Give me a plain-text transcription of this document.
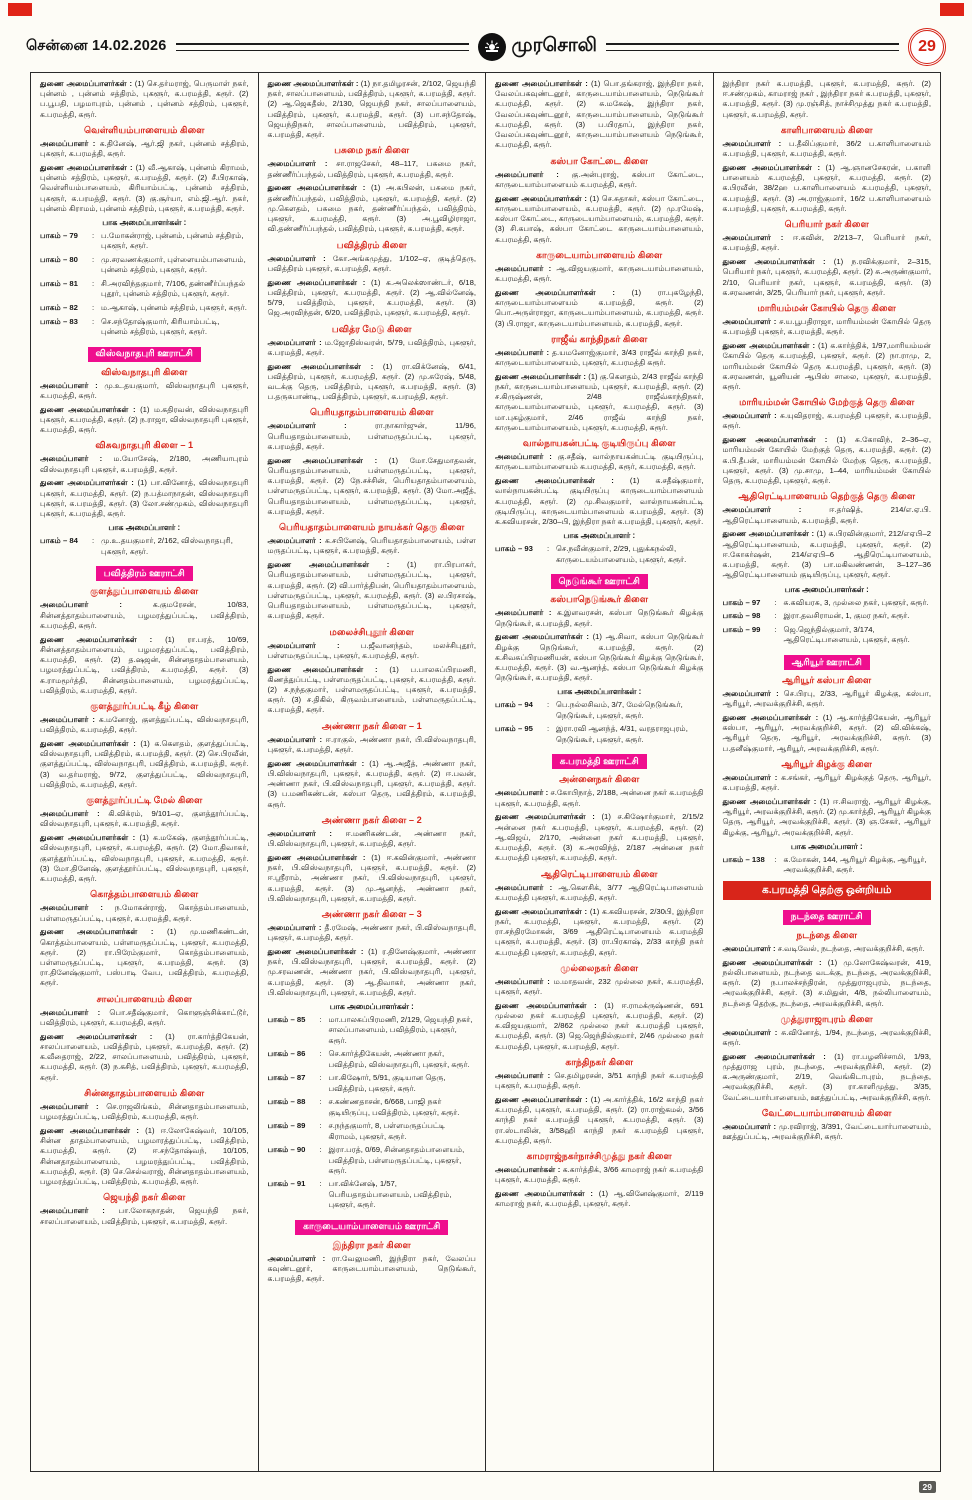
சென்னை 14.02.2026	முரசொலி	29

துணை அமைப்பாளர்கள் : (1) செ.தர்மராஜ், பெருமாள் நகர், புன்னம் , புன்னம் சத்திரம், புகளூர், க.பரமத்தி, கரூர். (2) ப.பூபதி, பழமாபுரம், புன்னம் , புன்னம் சத்திரம், புகளூர், க.பரமத்தி, கரூர்.

வெள்ளியம்பாளையம் கிளை

அமைப்பாளர் : க.தினேஷ், ஆர்.ஜி நகர், புன்னம் சத்திரம், புகளூர், க.பரமத்தி, கரூர்.

துணை அமைப்பாளர்கள் : (1) வீ.ஆகாஷ், புன்னம் கிராமம், புன்னம் சத்திரம், புகளூர், க.பரமத்தி, கரூர். (2) சீ.பிரகாஷ், வெள்ளியம்பாளையம், கிரியாம்பட்டி, புன்னம் சத்திரம், புகளூர், க.பரமத்தி, கரூர். (3) கு.சூர்யா, எம்.ஜி.ஆர். நகர், புன்னம் கிராமம், புன்னம் சத்திரம், புகளூர், க.பரமத்தி, கரூர்.

பாக அமைப்பாளர்கள் :
பாகம் – 79	: ப.மோகன்ராஜ், புன்னம், புன்னம் சத்திரம், புகளூர், கரூர்.
பாகம் – 80	: மு.சரவணக்குமார், புள்ளையம்பாளையம், புன்னம் சத்திரம், புகளூர், கரூர்.
பாகம் – 81	: சி.அரவிந்தகுமார், 7/106, தண்ணீர்ப்பந்தல் புதூர், புன்னம் சத்திரம், புகளூர், கரூர்.
பாகம் – 82	: ம.ஆகாஷ், புன்னம் சத்திரம், புகளூர், கரூர்.
பாகம் – 83	: செ.சந்தோஷ்குமார், கிரியாம்பட்டி, புன்னம் சத்திரம், புகளூர், கரூர்.
விஸ்வநாதபுரி ஊராட்சி
விஸ்வநாதபுரி கிளை

அமைப்பாளர் : மு.உ.தயகுமார், விஸ்வநாதபுரி புகளூர், க.பரமத்தி, கரூர்.

துணை அமைப்பாளர்கள் : (1) ம.கதிரவன், விஸ்வநாதபுரி புகளூர், க.பரமத்தி, கரூர். (2) ந.ராஜா, விஸ்வநாதபுரி புகளூர், க.பரமத்தி, கரூர்.

விசுவநாதபுரி கிளை – 1

அமைப்பாளர் : ம.யோசேஷ், 2/180, அணியாபுரம் விஸ்வநாதபுரி புகளூர், க.பரமத்தி, கரூர்.

துணை அமைப்பாளர்கள் : (1) பா.வினோத், விஸ்வநாதபுரி புகளூர், க.பரமத்தி, கரூர். (2) ந.பத்மாநாதன், விஸ்வநாதபுரி புகளூர், க.பரமத்தி, கரூர். (3) லோ.சண்முகம், விஸ்வநாதபுரி புகளூர், க.பரமத்தி, கரூர்.

பாக அமைப்பாளர் :
பாகம் – 84	: மு.உ.தயகுமார், 2/162, விஸ்வநாதபுரி, புகளூர், கரூர்.
பவித்திரம் ஊராட்சி
குளத்துப்பாளையம் கிளை

அமைப்பாளர் : க.குமரேசன், 10/83, சின்னத்தாதம்பாளையம், பழமரத்துப்பட்டி, பவித்திரம், க.பரமத்தி, கரூர்.

துணை அமைப்பாளர்கள் : (1) ரா.பரத், 10/69, சின்னத்தாதம்பாளையம், பழமரத்துப்பட்டி, பவித்திரம், க.பரமத்தி, கரூர். (2) த.ஷஜன், சின்னதாதம்பாளையம், பழமரத்துப்பட்டி, பவித்திரம், க.பரமத்தி, கரூர். (3) சு.ராமமூர்த்தி, சின்னதம்பாளையம், பழமரத்துப்பட்டி, பவித்திரம், க.பரமத்தி, கரூர்.

குளத்தூர்ப்பட்டி கீழ் கிளை

அமைப்பாளர் : க.மனோஜ், குளத்துப்பட்டி, விஸ்வநாதபுரி, பவித்திரம், க.பரமத்தி, கரூர்.

துணை அமைப்பாளர்கள் : (1) க.கௌதம், குளத்துப்பட்டி, விஸ்வநாதபுரி, பவித்திரம், க.பரமத்தி, கரூர். (2) செ.பிரவீன், குளத்துப்பட்டி, விஸ்வநாதபுரி, பவித்திரம், க.பரமத்தி, கரூர். (3) வ.தர்மராஜ், 9/72, குளத்துப்பட்டி, விஸ்வநாதபுரி, பவித்திரம், க.பரமத்தி, கரூர்.

குளத்தூர்ப்பட்டி மேல் கிளை

அமைப்பாளர் : கி.விக்ரம், 9/101–ஏ, குளத்தூர்ப்பட்டி, விஸ்வநாதபுரி, புகளூர், க.பரமத்தி, கரூர்.

துணை அமைப்பாளர்கள் : (1) க.மகேஷ், குளத்தூர்ப்பட்டி, விஸ்வநாதபுரி, புகளூர், க.பரமத்தி, கரூர். (2) மோ.திவாகர், குளத்தூர்ப்பட்டி, விஸ்வநாதபுரி, புகளூர், க.பரமத்தி, கரூர். (3) மோ.தினேஷ், குளத்தூர்ப்பட்டி, விஸ்வநாதபுரி, புகளூர், க.பரமத்தி, கரூர்.

கொத்தம்பாளையம் கிளை

அமைப்பாளர் : ந.மோகன்ராஜ், கொத்தம்பாளையம், பள்ளமருதப்பட்டி, புகளூர், க.பரமத்தி, கரூர்.

துணை அமைப்பாளர்கள் : (1) மு.மணிகண்டன், கொத்தம்பாளையம், பள்ளமருதப்பட்டி, புகளூர், க.பரமத்தி, கரூர். (2) ரா.பிரேம்குமார், கொத்தம்பாளையம், பள்ளமருதப்பட்டி, புகளூர், க.பரமத்தி, கரூர். (3) ரா.தினேஷ்குமார், பஸ்பாடி வேப, பவித்திரம், க.பரமத்தி, கரூர்.

சாலப்பாளையம் கிளை

அமைப்பாளர் : பொ.சதீஷ்குமார், கொளுஞ்சிக்காட்டூர், பவித்திரம், புகளூர், க.பரமத்தி, கரூர்.

துணை அமைப்பாளர்கள் : (1) ரா.கார்த்திகேயன், சாலப்பாளையம், பவித்திரம், புகளூர், க.பரமத்தி, கரூர். (2) க.வீதைராஜ், 2/22, சாலப்பாளையம், பவித்திரம், புகளூர், க.பரமத்தி, கரூர். (3) ந.கசித், பவித்திரம், புகளூர், க.பரமத்தி, கரூர்.

சின்னதாதம்பாளையம் கிளை

அமைப்பாளர் : செ.ராஜலிங்கம், சின்னதாதம்பாளையம், பழமரத்துப்பட்டி, பவித்திரம், க.பரமத்தி, கரூர்.

துணை அமைப்பாளர்கள் : (1) ஈ.லோகேஷ்வர், 10/105, சின்ன தாதம்பாளையம், பழமாரத்துப்பட்டி, பவித்திரம், க.பரமத்தி, கரூர். (2) ஈ.சந்தோஷ்வந், 10/105, சின்னதாதம்பாளையம், பழமரத்துப்பட்டி, பவித்திரம், க.பரமத்தி, கரூர். (3) செ.செல்வராஜ், சின்னதாதம்பாளையம், பழமரத்துப்பட்டி, பவித்திரம், க.பரமத்தி, கரூர்.

ஜெயந்தி நகர் கிளை

அமைப்பாளர் : பா.லோகநாதன், ஜெயந்தி நகர், சாலப்பாளையம், பவித்திரம், புகளூர், க.பரமத்தி, கரூர்.

துணை அமைப்பாளர்கள் : (1) நா.தமிழரசன், 2/102, ஜெயந்தி நகர், சாலப்பாளையம், பவித்திரம், புகளூர், க.பரமத்தி, கரூர். (2) ஆ.ஜெகதீஸ், 2/130, ஜெயந்தி நகர், சாலப்பாளையம், பவித்திரம், புகளூர், க.பரமத்தி, கரூர். (3) பா.சந்தோஷ், ஜெயந்திநகர், சாலப்பாளையம், பவித்திரம், புகளூர், க.பரமத்தி, கரூர்.

பசுமை நகர் கிளை

அமைப்பாளர் : சா.ராஜசேகர், 48–117, பசுமை நகர், தண்ணீர்ப்பந்தல், பவித்திரம், புகளூர், க.பரமத்தி, கரூர்.

துணை அமைப்பாளர்கள் : (1) அ.கபிலன், பசுமை நகர், தண்ணீர்ப்பந்தல், பவித்திரம், புகளூர், க.பரமத்தி, கரூர். (2) மு.கௌதம், பசுமை நகர், தண்ணீர்ப்பந்தல், பவித்திரம், புகளூர், க.பரமத்தி, கரூர். (3) அ.பூவிழிராஜா, வி.தண்ணீர்ப்பந்தல், பவித்திரம், புகளூர், க.பரமத்தி, கரூர்.

பவித்திரம் கிளை

அமைப்பாளர் : கோ.அங்கமுத்து, 1/102–ஏ, குடித்தெரு, பவித்திரம் புகளூர், க.பரமத்தி, கரூர்.

துணை அமைப்பாளர்கள் : (1) க.அலெக்ஸாண்டர், 6/18, பவித்திரம், புகளூர், க.பரமத்தி, கரூர். (2) ஆ.வில்னேஷ், 5/79, பவித்திரம், புகளூர், க.பரமத்தி, கரூர். (3) ஜெ.அரவிந்தன், 6/20, பவித்திரம், புகளூர், க.பரமத்தி, கரூர்.

பவித்ர மேடு கிளை

அமைப்பாளர் : ம.ஜோதிஸ்வரன், 5/79, பவித்திரம், புகளூர், க.பரமத்தி, கரூர்.

துணை அமைப்பாளர்கள் : (1) ரா.விக்னேஷ், 6/41, பவித்திரம், புகளூர், க.பரமத்தி, கரூர். (2) மு.சுரேஷ், 5/48, வடக்கு தெரு, பவித்திரம், புகளூர், க.பரமத்தி, கரூர். (3) ப.தருகபாண்டி, பவித்திரம், புகளூர், க.பரமத்தி, கரூர்.

பெரியதாதம்பாளையம் கிளை

அமைப்பாளர் : ரா.நாகார்ஜுன், 11/96, பெரியதாதம்பாளையம், பள்ளமருதப்பட்டி, புகளூர், க.பரமத்தி, கரூர்.

துணை அமைப்பாளர்கள் : (1) மோ.சேதுமாதவன், பெரியதாதம்பாளையம், பள்ளமருதப்பட்டி, புகளூர், க.பரமத்தி, கரூர். (2) நே.சச்சின், பெரியதாதம்பாளையம், பள்ளமருதப்பட்டி, புகளூர், க.பரமத்தி, கரூர். (3) மோ.அஜீத், பெரியதாதம்பாளையம், பள்ளமருதப்பட்டி, புகளூர், க.பரமத்தி, கரூர்.

பெரியதாதம்பாளையம் நாயக்கர் தெரு கிளை

அமைப்பாளர் : க.சபினேஷ், பெரியதாதம்பாளையம், பள்ள மருதப்பட்டி, புகளூர், க.பரமத்தி, கரூர்.

துணை அமைப்பாளர்கள் : (1) ரா.பிரபாகர், பெரியதாதம்பாளையம், பள்ளமருதப்பட்டி, புகளூர், க.பரமத்தி, கரூர். (2) வி.பார்த்திபன், பெரியதாதம்பாளையம், பள்ளமருதப்பட்டி, புகளூர், க.பரமத்தி, கரூர். (3) ல.பிரசாஷ், பெரியதாதம்பாளையம், பள்ளமருதப்பட்டி, புகளூர், க.பரமத்தி, கரூர்.

மலைச்சிபுதூர் கிளை

அமைப்பாளர் : ப.ஜீவானந்தம், மலச்சிபுதூர், பள்ளமருதப்பட்டி, புகளூர், க.பரமத்தி, கரூர்.

துணை அமைப்பாளர்கள் : (1) ப.பாலசுப்பிரமணி, கிணத்துப்பட்டி, பள்ளமருதப்பட்டி, புகளூர், க.பரமத்தி, கரூர். (2) ச.நந்தகுமார், பள்ளமருதப்பட்டி, புகளூர், க.பரமத்தி, கரூர். (3) ச.திகில், கிருவம்பாளையம், பள்ளமருதப்பட்டி, க.பரமத்தி, கரூர்.

அண்ணா நகர் கிளை – 1

அமைப்பாளர் : ஈ.ராகுல், அண்ணா நகர், பி.விஸ்வநாதபுரி, புகளூர், க.பரமத்தி, கரூர்.

துணை அமைப்பாளர்கள் : (1) ஆ.அஜீத், அண்ணா நகர், பி.விஸ்வநாதபுரி, புகளூர், க.பரமத்தி, கரூர். (2) ஈ.பவன், அண்ணா நகர், பி.விஸ்வநாதபுரி, புகளூர், க.பரமத்தி, கரூர். (3) ப.மணிகண்டன், கஸ்பா தெரு, பவித்திரம், க.பரமத்தி, கரூர்.

அண்ணா நகர் கிளை – 2

அமைப்பாளர் : ஈ.மணிகண்டன், அண்ணா நகர், பி.விஸ்வநாதபுரி, புகளூர், க.பரமத்தி, கரூர்.

துணை அமைப்பாளர்கள் : (1) ஈ.கவின்குமார், அண்ணா நகர், பி.விஸ்வநாதபுரி, புகளூர், க.பரமத்தி, கரூர். (2) ஈ.ஸ்ரீராம், அண்ணா நகர், பி.விஸ்வநாதபுரி, புகளூர், க.பரமத்தி, கரூர். (3) மு.ஆனந்த், அண்ணா நகர், பி.விஸ்வநாதபுரி, புகளூர், க.பரமத்தி, கரூர்.

அண்ணா நகர் கிளை – 3

அமைப்பாளர் : தீ.ரமேஷ், அண்ணா நகர், பி.விஸ்வநாதபுரி, புகளூர், க.பரமத்தி, கரூர்.

துணை அமைப்பாளர்கள் : (1) ர.தினேஷ்குமார், அண்ணா நகர், பி.விஸ்வநாதபுரி, புகளூர், க.பரமத்தி, கரூர். (2) மு.சரவணன், அண்ணா நகர், பி.விஸ்வநாதபுரி, புகளூர், க.பரமத்தி, கரூர். (3) ஆ.திவாகர், அண்ணா நகர், பி.விஸ்வநாதபுரி, புகளூர், க.பரமத்தி, கரூர்.

பாக அமைப்பாளர்கள் :
பாகம் – 85	: மா.பாலசுப்பிரமணி, 2/129, ஜெயந்தி நகர், சாலப்பாளையம், பவித்திரம், புகளூர், கரூர்.
பாகம் – 86	: செ.கார்த்திகேயன், அண்ணா நகர், பவித்திரம், விஸ்வநாதபுரி, புகளூர், கரூர்.
பாகம் – 87	: பா.கிஷோர், 5/91, குடியான தெரு, பவித்திரம், புகளூர், கரூர்.
பாகம் – 88	: ச.கண்ணதாசன், 6/668, பாஜி நகர் குடியிருப்பு, பவித்திரம், புகளூர், கரூர்.
பாகம் – 89	: ச.நந்தகுமார், 8, பள்ளமருதப்பட்டி கிராமம், புகளூர், கரூர்.
பாகம் – 90	: இரா.பரத், 0/69, சின்னதாதம்பாளையம், பவித்திரம், பள்ளமருதப்பட்டி, புகளூர், கரூர்.
பாகம் – 91	: பா.விக்னேஷ், 1/57, பெரியதாதம்பாளையம், பவித்திரம், புகளூர், கரூர்.
காருடையாம்பாளையம் ஊராட்சி
இந்திரா நகர் கிளை

அமைப்பாளர் : ரா.வேலுமணி, இந்திரா நகர், வேலப்ப கவுண்டனூர், காருடையாம்பாளையம், நெடுங்கூர், க.பரமத்தி, கரூர்.

துணை அமைப்பாளர்கள் : (1) பொ.தங்கராஜ், இந்திரா நகர், வேலப்பகவுண்டனூர், காருடையாம்பாளையம், நெடுங்கூர் க.பரமத்தி, கரூர். (2) சு.மகேஷ், இந்திரா நகர், வேலப்பகவுண்டனூர், காருடையாம்பாளையம், நெடுங்கூர் க.பரமத்தி, கரூர். (3) ப.யிரதாப், இந்திரா நகர், வேலப்பகவுண்டனூர், காருடையாம்பாளையம் நெடுங்கூர், க.பரமத்தி, கரூர்.

கஸ்பா கோட்டை கிளை

அமைப்பாளர் : கு.அன்புராஜ், கஸ்பா கோட்டை, காருடையாம்பாளையம் க.பரமத்தி, கரூர்.

துணை அமைப்பாளர்கள் : (1) செ.சுதாகர், கஸ்பா கோட்டை, காருடையாம்பாளையம், க.பரமத்தி, கரூர். (2) மு.ரமேஷ், கஸ்பா கோட்டை, காருடையாம்பாளையம், க.பரமத்தி, கரூர். (3) சி.கபாஷ், கஸ்பா கோட்டை காருடையாம்பாளையம், க.பரமத்தி, கரூர்.

காருடையாம்பாளையம் கிளை

அமைப்பாளர் : ஆ.விஜயகுமார், காருடையாம்பாளையம், க.பரமத்தி, கரூர்.

துணை அமைப்பாளர்கள் : (1) ரா.புகழேந்தி, காருடையாம்பாளையம் க.பரமத்தி, கரூர். (2) பொ.அருள்ராஜா, காருடையாம்பாளையம், க.பரமத்தி, கரூர். (3) பி.ராஜா, காருடையாம்பாளையம், க.பரமத்தி, கரூர்.

ராஜீவ் காந்திநகர் கிளை

அமைப்பாளர் : த.யமனோஜ்குமார், 3/43 ராஜீவ் காந்தி நகர், காருடையாம்பாளையம், புகளூர், க.பரமத்தி கரூர்.

துணை அமைப்பாளர்கள் : (1) கு.கௌதம், 2/43 ராஜீவ் காந்தி நகர், காருடையாம்பாளையம், புகளூர், க.பரமத்தி, கரூர். (2) ச.கிருஷ்ணன், 2/48 ராஜீவ்காந்திநகர், காருடையாம்பாளையம், புகளூர், க.பரமத்தி, கரூர். (3) மா.புகழ்குமார், 2/46 ராஜீவ் காந்தி நகர், காருடையாம்பாளையம், புகளூர், க.பரமத்தி, கரூர்.

வால்நாயகன்பட்டி குடியிருப்பு கிளை

அமைப்பாளர் : கு.சதீஷ், வால்நாயகன்பட்டி குடியிருப்பு, காருடையாம்பாளையம் க.பரமத்தி, கரூர், க.பரமத்தி, கரூர்.

துணை அமைப்பாளர்கள் : (1) க.சதீஷ்குமார், வால்நாயகன்பட்டி குடியிருப்பு காருடையாம்பாளையம் க.பரமத்தி, கரூர். (2) மு.சிவகுமார், வால்நாயகன்பட்டி குடியிருப்பு, காருடையாம்பாளையம் க.பரமத்தி, கரூர். (3) க.கவியரசன், 2/30–பி, இந்திரா நகர் க.பரமத்தி, புகளூர், கரூர்.

பாக அமைப்பாளர் :
பாகம் – 93	: செ.நவீன்குமார், 2/29, புதுக்கநல்லி, காருடையம்பாளையம், புகளூர், கரூர்.
நெடுங்கூர் ஊராட்சி
கஸ்பாநெடுங்கூர் கிளை

அமைப்பாளர் : க.இளவரசன், கஸ்பா நெடுங்கூர் கிழக்கு நெடுங்கூர், க.பரமத்தி, கரூர்.

துணை அமைப்பாளர்கள் : (1) ஆ.சிவா, கஸ்பா நெடுங்கூர் கிழக்கு நெடுங்கூர், க.பரமத்தி, கரூர். (2) க.சிவசுப்பிரமணியன், கஸ்பா நெடுங்கூர் கிழக்கு நெடுங்கூர், க.பரமத்தி, கரூர். (3) வ.ஆனந்த், கஸ்பா நெடுங்கூர் கிழக்கு நெடுங்கூர், க.பரமத்தி, கரூர்.

பாக அமைப்பாளர்கள் :
பாகம் – 94	: பெ.நல்லசிவம், 3/7, மேல்நெடுங்கூர், நெடுங்கூர், புகளூர், கரூர்.
பாகம் – 95	: இரா.ரவி ஆனந்த், 4/31, வரதராஜபுரம், நெடுங்கூர், புகளூர், கரூர்.
க.பரமத்தி ஊராட்சி
அன்னைநகர் கிளை

அமைப்பாளர் : ச.கோபிநாத், 2/188, அன்னை நகர் க.பரமத்தி புகளூர், க.பரமத்தி, கரூர்.

துணை அமைப்பாளர்கள் : (1) ச.கிஷோர்குமார், 2/15/2 அன்னை நகர் க.பரமத்தி, புகளூர், க.பரமத்தி, கரூர். (2) ஆ.விஜய், 2/170, அன்னை நகர் க.பரமத்தி, புகளூர், க.பரமத்தி, கரூர். (3) க.அரவிந்த், 2/187 அன்னை நகர் க.பரமத்தி புகளூர், க.பரமத்தி, கரூர்.

ஆதிரெட்டிபாளையம் கிளை

அமைப்பாளர் : ஆ.கௌசிக், 3/77 ஆதிரெட்டிபாளையம் க.பரமத்தி புகளூர், க.பரமத்தி, கரூர்.

துணை அமைப்பாளர்கள் : (1) க.கவியரசன், 2/30பி, இந்திரா நகர், க.பரமத்தி, புகளூர், க.பரமத்தி, கரூர். (2) ரா.சந்திரமோகன், 3/69 ஆதிரெட்டிபாளையம் க.பரமத்தி புகளூர், க.பரமத்தி, கரூர். (3) ரா.பிரகாஷ், 2/33 காந்தி நகர் க.பரமத்தி புகளூர், க.பரமத்தி, கரூர்.

முல்லைநகர் கிளை

அமைப்பாளர் : ம.மாதவன், 232 முல்லை நகர், க.பரமத்தி, புகளூர், கரூர்.

துணை அமைப்பாளர்கள் : (1) ஈ.ராமக்ருஷ்ணன், 691 முல்லை நகர் க.பரமத்தி புகளூர், க.பரமத்தி, கரூர். (2) சு.விஜயகுமார், 2/862 முல்லை நகர் க.பரமத்தி புகளூர், க.பரமத்தி, கரூர். (3) ஜெ.ஜெந்தில்குமார், 2/46 முல்லை நகர் க.பரமத்தி, புகளூர், க.பரமத்தி, கரூர்.

காந்திநகர் கிளை

அமைப்பாளர் : செ.தமிழரசன், 3/51 காந்தி நகர் க.பரமத்தி புகளூர், க.பரமத்தி, கரூர்.

துணை அமைப்பாளர்கள் : (1) அ.கார்த்திக், 16/2 காந்தி நகர் க.பரமத்தி, புகளூர், க.பரமத்தி, கரூர். (2) ரா.ராஜ்கமல், 3/56 காந்தி நகர் க.பரமத்தி புகளூர், க.பரமத்தி, கரூர். (3) ரா.ஸ்டாலின், 3/58ஹி காந்தி நகர் க.பரமத்தி புகளூர், க.பரமத்தி, கரூர்.

காமராஜ்நகர்நாச்சிமுத்து நகர் கிளை

அமைப்பாளர்கள் : க.கார்த்திக், 3/66 காமராஜ் நகர் க.பரமத்தி புகளூர், க.பரமத்தி, கரூர்.

துணை அமைப்பாளர்கள் : (1) ஆ.வினேஷ்குமார், 2/119 காமராஜ் நகர், க.பரமத்தி, புகளூர், கரூர்.

இந்திரா நகர் க.பரமத்தி, புகளூர், க.பரமத்தி, கரூர். (2) ஈ.சண்முகம், காமராஜ் நகர் , இந்திரா நகர் க.பரமத்தி, புகளூர், க.பரமத்தி, கரூர். (3) மு.ரஞ்சித், நாச்சிமுத்து நகர் க.பரமத்தி, புகளூர், க.பரமத்தி, கரூர்.

காளிபாளையம் கிளை

அமைப்பாளர் : ப.தீலிப்குமார், 36/2 ப.காளிபாளையம் க.பரமத்தி, புகளூர், க.பரமத்தி, கரூர்.

துணை அமைப்பாளர்கள் : (1) ஆ.ஞானசேகரன், ப.காளி பாளையம் க.பரமத்தி, புகளூர், க.பரமத்தி, கரூர். (2) க.பிரவீன், 38/2ஹ ப.காளிபாளையம் க.பரமத்தி, புகளூர், க.பரமத்தி, கரூர். (3) அ.ராஜ்குமார், 16/2 ப.காளிபாளையம் க.பரமத்தி, புகளூர், க.பரமத்தி, கரூர்.

பெரியார் நகர் கிளை

அமைப்பாளர் : ஈ.கவின், 2/213–7, பெரியார் நகர், க.பரமத்தி, கரூர்.

துணை அமைப்பாளர்கள் : (1) ந.ரவிக்குமார், 2–315, பெரியார் நகர், புகளூர், க.பரமத்தி, கரூர். (2) சு.அருண்குமார், 2/10, பெரியார் நகர், புகளூர், க.பரமத்தி, கரூர். (3) க.சரவணன், 3/25, பெரியார் நகர், புகளூர், கரூர்.

மாரியம்மன் கோயில் தெரு கிளை

அமைப்பாளர் : ச.ய.பூபதிராஜா, மாரியம்மன் கோயில் தெரு க.பரமத்தி புகளூர், க.பரமத்தி, கரூர்.

துணை அமைப்பாளர்கள் : (1) க.கார்த்திக், 1/97,மாரியம்மன் கோயில் தெரு க.பரமத்தி, புகளூர், கரூர். (2) நா.ராமு, 2, மாரியம்மன் கோயில் தெரு க.பரமத்தி, புகளூர், கரூர். (3) க.சரவணன், யூனியன் ஆபிஸ் சாலை, புகளூர், க.பரமத்தி, கரூர்.

மாரியம்மன் கோயில் மேற்குத் தெரு கிளை

அமைப்பாளர் : சு.யுவிதராஜ், க.பரமத்தி புகளூர், க.பரமத்தி, கரூர்.

துணை அமைப்பாளர்கள் : (1) சு.கோவிந், 2–36–ஏ, மாரியம்மன் கோயில் மேற்குத் தெரு, க.பரமத்தி, கரூர். (2) க.பி.தீபன், மாரியம்மன் கோயில் மேற்கு தெரு, க.பரமத்தி, புகளூர், கரூர். (3) மு.சாமு, 1–44, மாரியம்மன் கோயில் தெரு, க.பரமத்தி, புகளூர், கரூர்.

ஆதிரெட்டிபாளையம் தெற்குத் தெரு கிளை

அமைப்பாளர் : ஈ.தர்ஷித், 214/எ.ஏ.பி. ஆதிரெட்டிபாளையம், க.பரமத்தி, கரூர்.

துணை அமைப்பாளர்கள் : (1) சு.பிரவின்குமார், 212/எஏபி–2 ஆதிரெட்டிபாளையம், க.பரமத்தி, புகளூர், கரூர். (2) ஈ.கோகர்ஷன், 214/எஏபி–6 ஆதிரெட்டிபாளையம், க.பரமத்தி, கரூர். (3) பா.மகிவண்ணன், 3–127–36 ஆதிரெட்டிபாளையம் குடியிருப்பு, புகளூர், கரூர்.

பாக அமைப்பாளர்கள் :
பாகம் – 97	: சு.கவியரசு, 3, முல்லை நகர், புகளூர், கரூர்.
பாகம் – 98	: இரா.தவசிராமன், 1, குமர நகர், கரூர்.
பாகம் – 99	: ஜெ.ஜெந்தில்குமார், 3/174, ஆதிரெட்டிபாளையம், புகளூர், கரூர்.
ஆரியூர் ஊராட்சி
ஆரியூர் கஸ்பா கிளை

அமைப்பாளர் : செ.பிரபு, 2/33, ஆரியூர் கிழக்கு, கஸ்பா, ஆரியூர், அரவக்குறிச்சி, கரூர்.

துணை அமைப்பாளர்கள் : (1) ஆ.கார்த்திகேயன், ஆரியூர் கஸ்பா, ஆரியூர், அரவக்குறிச்சி, கரூர். (2) வி.விக்கஷ், ஆரியூர் தெரு, ஆரியூர், அரவக்குறிச்சி, கரூர். (3) ப.தனீஷ்குமார், ஆரியூர், அரவக்குறிச்சி, கரூர்.

ஆரியூர் கிழக்கு கிளை

அமைப்பாளர் : க.சங்கர், ஆரியூர் கிழக்குத் தெரு, ஆரியூர், க.பரமத்தி, கரூர்.

துணை அமைப்பாளர்கள் : (1) ஈ.சிவராஜ், ஆரியூர் கிழக்கு, ஆரியூர், அரவக்குறிச்சி, கரூர். (2) மு.கார்த்தி, ஆரியூர் கிழக்கு தெரு, ஆரியூர், அரவக்குறிச்சி, கரூர். (3) ஞ.சேகர், ஆரியூர் கிழக்கு, ஆரியூர், அரவக்குறிச்சி, கரூர்.

பாக அமைப்பாளர் :
பாகம் – 138	: க.மோகன், 144, ஆரியூர் கிழக்கு, ஆரியூர், அரவக்குறிச்சி, கரூர்.
க.பரமத்தி தெற்கு ஒன்றியம்
நடந்தை ஊராட்சி
நடந்தை கிளை

அமைப்பாளர் : ச.வடிவேல், நடந்தை, அரவக்குறிச்சி, கரூர்.

துணை அமைப்பாளர்கள் : (1) மு.லோகேஷ்வரன், 419, நல்லிபாளையம், நடந்தை வடக்கு, நடந்தை, அரவக்குறிச்சி, கரூர். (2) ந.பாலச்சந்திரன், முத்துராஜபுரம், நடந்தை, அரவக்குறிச்சி, கரூர். (3) ச.மிதுன், 4/8, நல்லிபாளையம், நடந்தை தெற்கு, நடந்தை, அரவக்குறிச்சி, கரூர்.

முத்துராஜாபுரம் கிளை

அமைப்பாளர் : சு.வினோத், 1/94, நடந்தை, அரவக்குறிச்சி, கரூர்.

துணை அமைப்பாளர்கள் : (1) ரா.பழனிச்சாமி, 1/93, முத்துராஜ புரம், நடந்தை, அரவக்குறிச்சி, கரூர். (2) க.அருண்குமார், 2/19, வெங்கிடாபுரம், நடந்தை, அரவக்குறிச்சி, கரூர். (3) ரா.காளிமுத்து, 3/35, வேட்டையார்பாளையம், ஊத்துப்பட்டி, அரவக்குறிச்சி, கரூர்.

வேட்டையாம்பாளையம் கிளை

அமைப்பாளர் : மு.ரவிராஜ், 3/391, வேட்டையார்பாளையம், ஊத்துப்பட்டி, அரவக்குறிச்சி, கரூர்.

29
